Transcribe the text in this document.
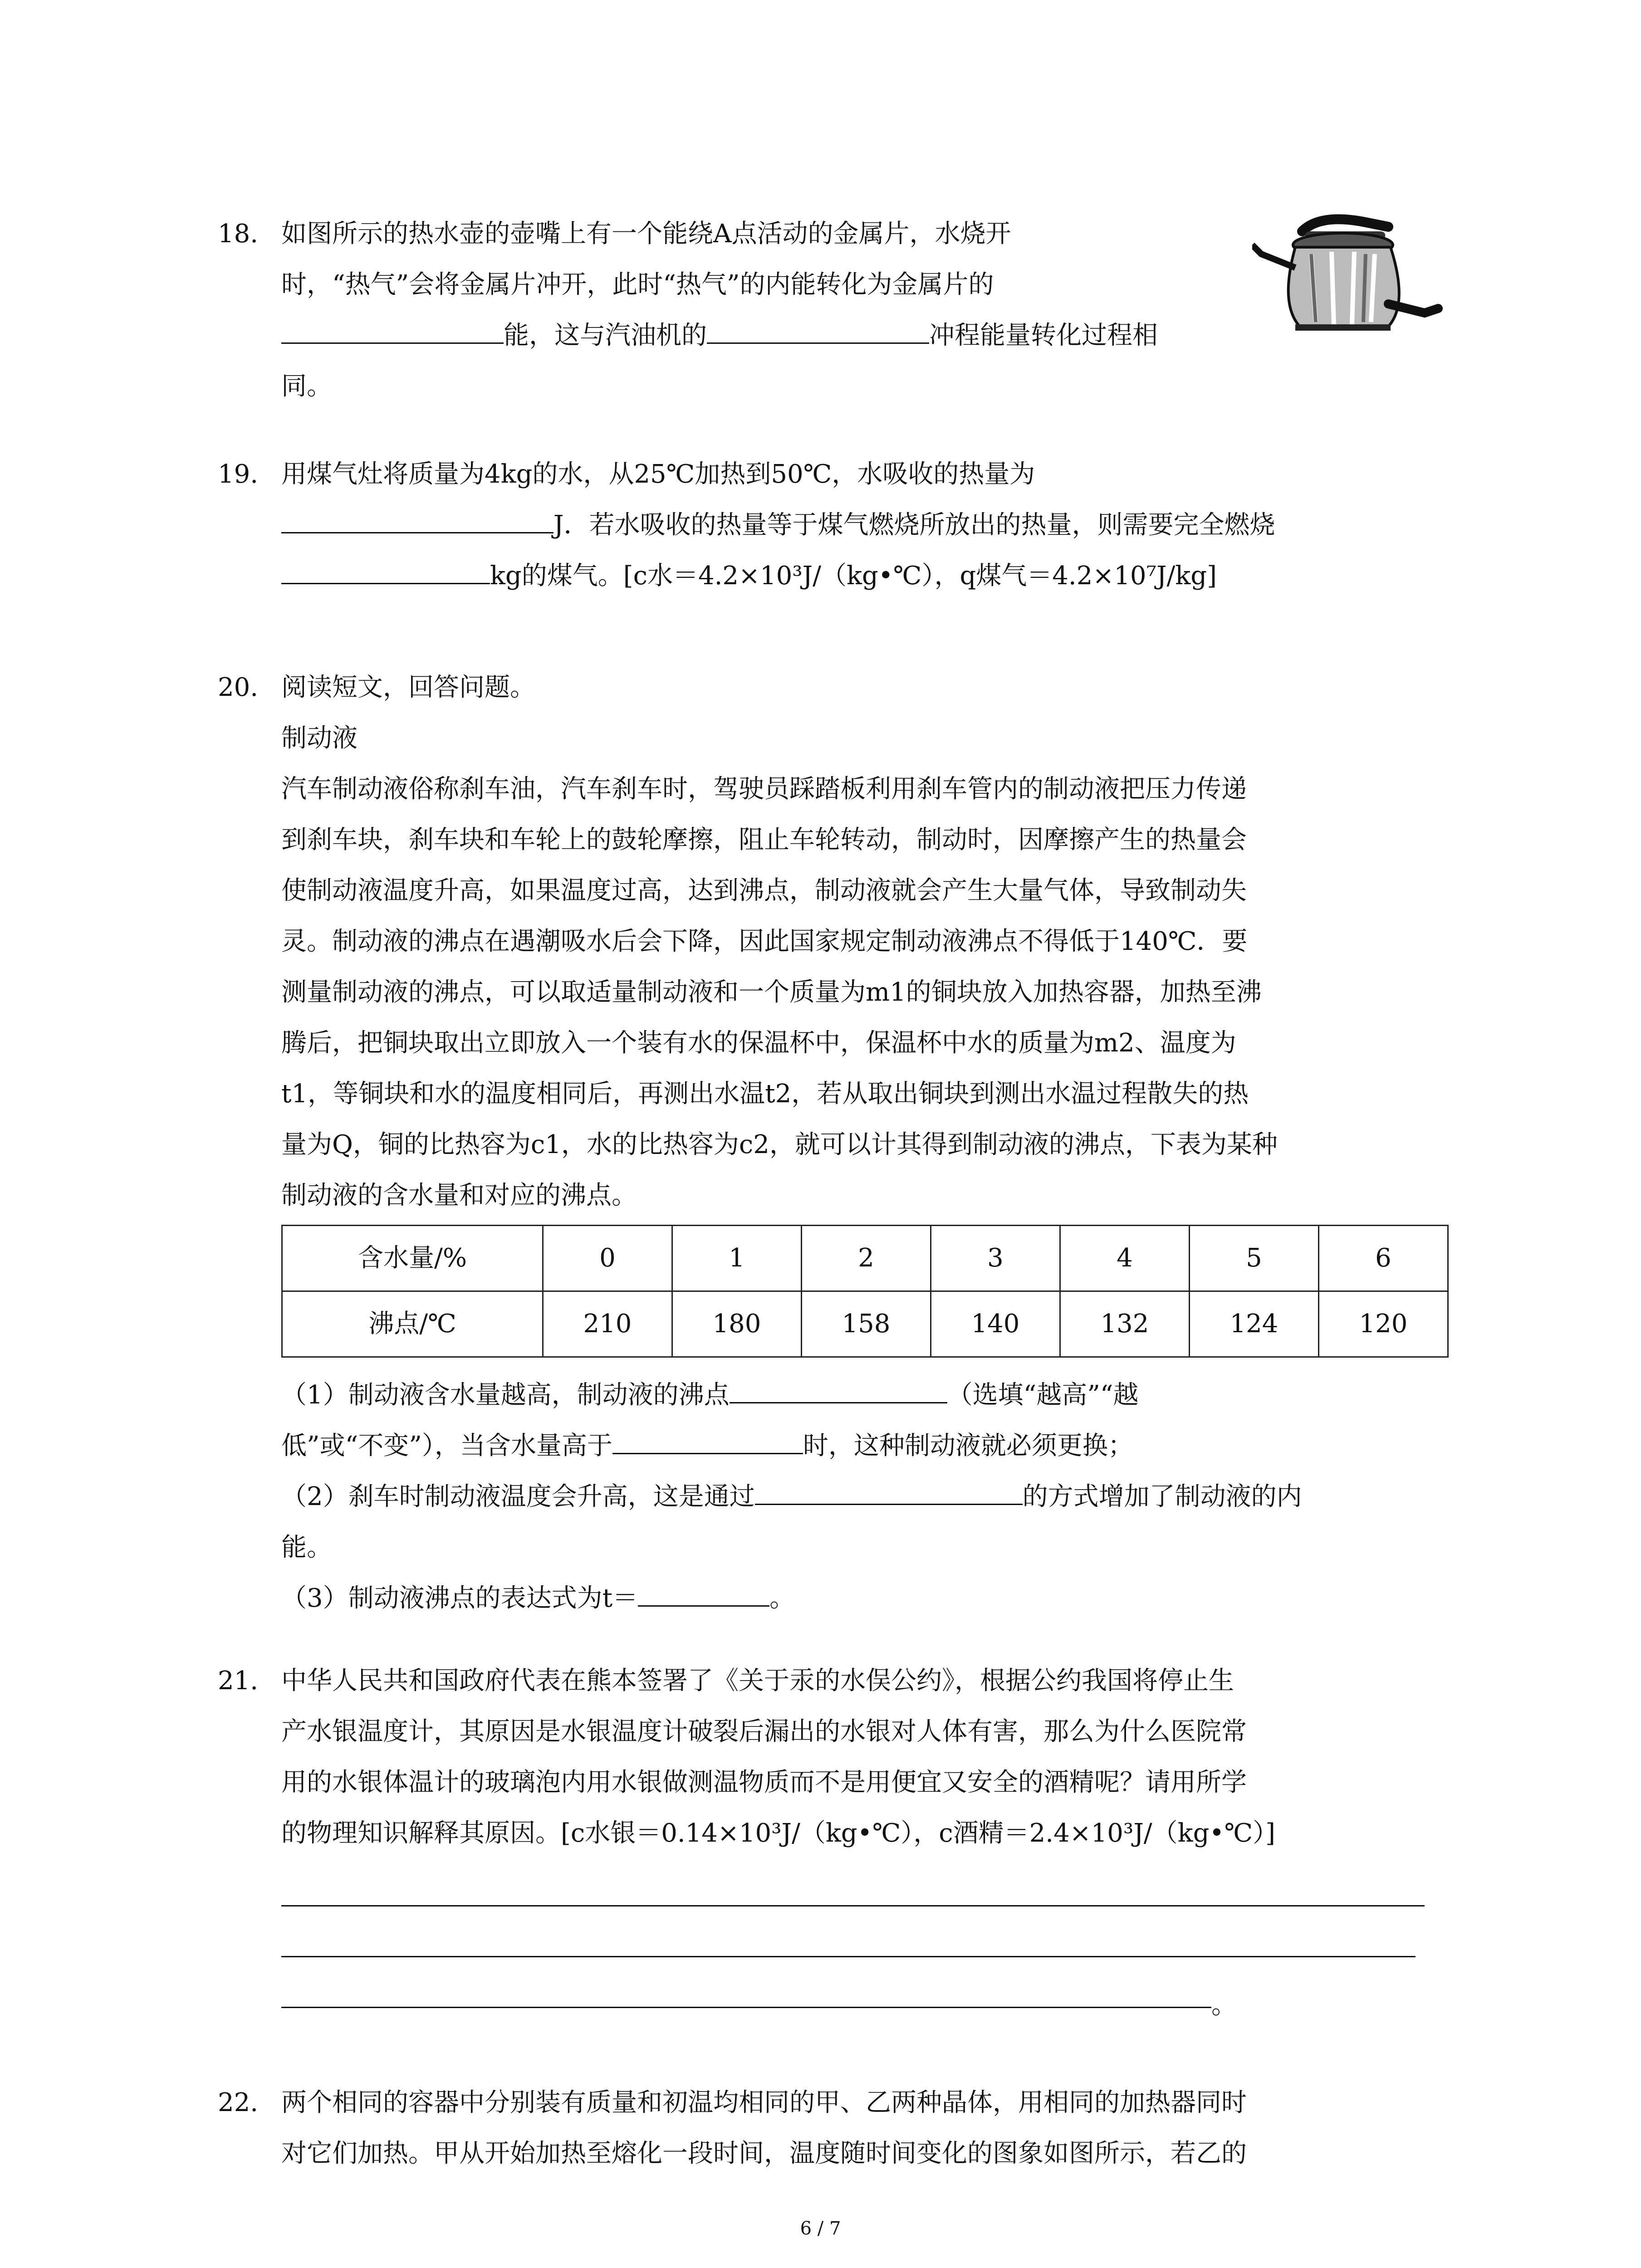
18. 如图所示的热水壶的壶嘴上有一个能绕A点活动的金属片，水烧开
时，“热气”会将金属片冲开，此时“热气”的内能转化为金属片的
能，这与汽油机的	冲程能量转化过程相
同。
19. 用煤气灶将质量为4kg的水，从25℃加热到50℃，水吸收的热量为
J．若水吸收的热量等于煤气燃烧所放出的热量，则需要完全燃烧
kg的煤气。[c水＝4.2×10³J/（kg•℃），q煤气＝4.2×10⁷J/kg]
20. 阅读短文，回答问题。
制动液
汽车制动液俗称刹车油，汽车刹车时，驾驶员踩踏板利用刹车管内的制动液把压力传递
到刹车块，刹车块和车轮上的鼓轮摩擦，阻止车轮转动，制动时，因摩擦产生的热量会
使制动液温度升高，如果温度过高，达到沸点，制动液就会产生大量气体，导致制动失
灵。制动液的沸点在遇潮吸水后会下降，因此国家规定制动液沸点不得低于140℃．要
测量制动液的沸点，可以取适量制动液和一个质量为m1的铜块放入加热容器，加热至沸
腾后，把铜块取出立即放入一个装有水的保温杯中，保温杯中水的质量为m2、温度为
t1，等铜块和水的温度相同后，再测出水温t2，若从取出铜块到测出水温过程散失的热
量为Q，铜的比热容为c1，水的比热容为c2，就可以计其得到制动液的沸点，下表为某种
制动液的含水量和对应的沸点。
含水量/%	0	1	2	3	4	5	6
沸点/℃	210	180	158	140	132	124	120
（1）制动液含水量越高，制动液的沸点	（选填“越高”“越
低”或“不变”），当含水量高于	时，这种制动液就必须更换；
（2）刹车时制动液温度会升高，这是通过	的方式增加了制动液的内
能。
（3）制动液沸点的表达式为t＝	。
21. 中华人民共和国政府代表在熊本签署了《关于汞的水俣公约》，根据公约我国将停止生
产水银温度计，其原因是水银温度计破裂后漏出的水银对人体有害，那么为什么医院常
用的水银体温计的玻璃泡内用水银做测温物质而不是用便宜又安全的酒精呢？请用所学
的物理知识解释其原因。[c水银＝0.14×10³J/（kg•℃），c酒精＝2.4×10³J/（kg•℃）]
。
22. 两个相同的容器中分别装有质量和初温均相同的甲、乙两种晶体，用相同的加热器同时
对它们加热。甲从开始加热至熔化一段时间，温度随时间变化的图象如图所示，若乙的
6 / 7
